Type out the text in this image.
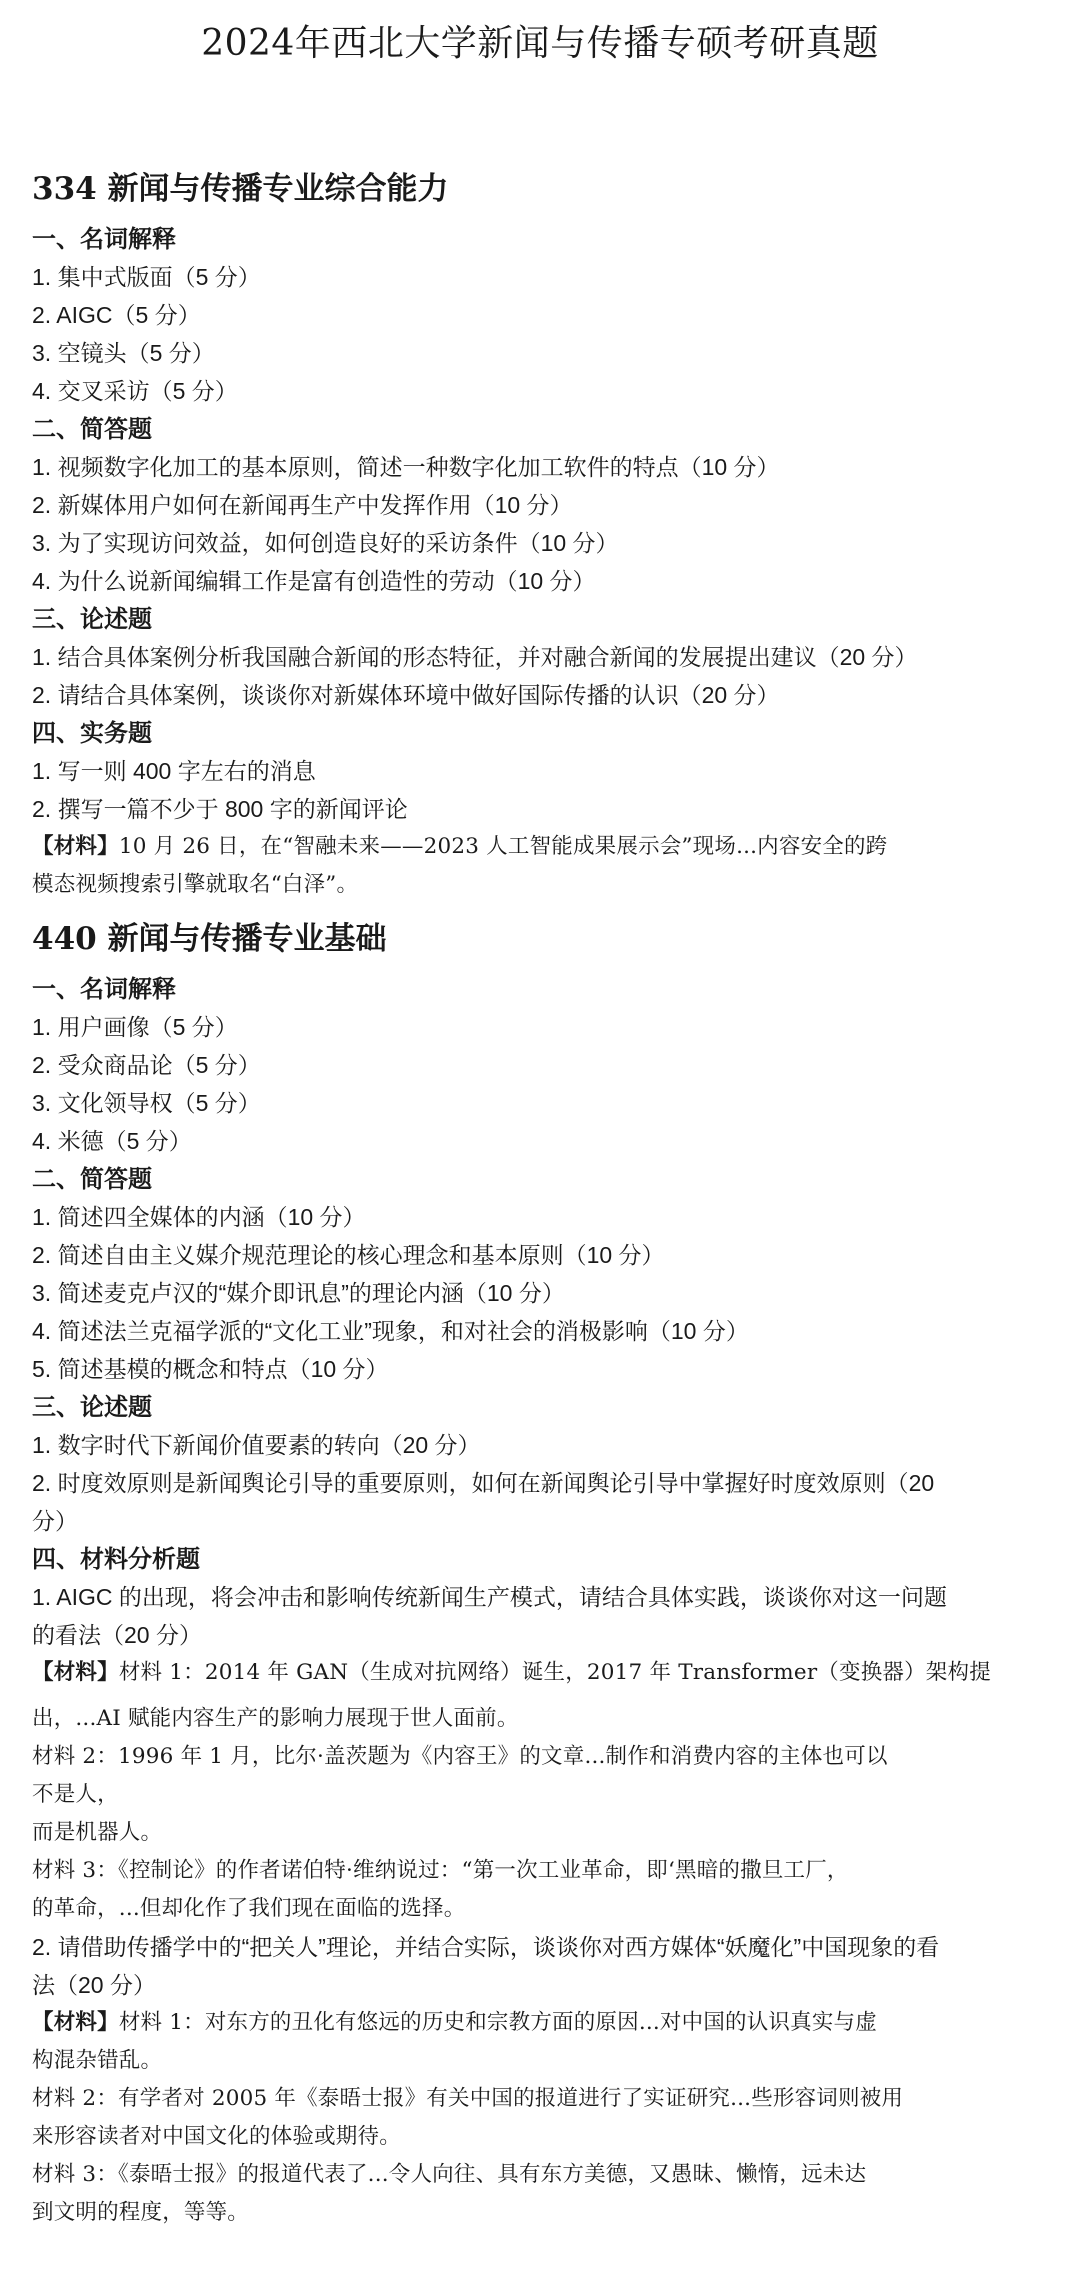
2024年西北大学新闻与传播专硕考研真题
334 新闻与传播专业综合能力
一、名词解释

1. 集中式版面（5 分）

2. AIGC（5 分）

3. 空镜头（5 分）

4. 交叉采访（5 分）

二、简答题

1. 视频数字化加工的基本原则，简述一种数字化加工软件的特点（10 分）

2. 新媒体用户如何在新闻再生产中发挥作用（10 分）

3. 为了实现访问效益，如何创造良好的采访条件（10 分）

4. 为什么说新闻编辑工作是富有创造性的劳动（10 分）

三、论述题

1. 结合具体案例分析我国融合新闻的形态特征，并对融合新闻的发展提出建议（20 分）

2. 请结合具体案例，谈谈你对新媒体环境中做好国际传播的认识（20 分）

四、实务题

1. 写一则 400 字左右的消息

2. 撰写一篇不少于 800 字的新闻评论

【材料】10 月 26 日，在“智融未来——2023 人工智能成果展示会”现场...内容安全的跨

模态视频搜索引擎就取名“白泽”。

440 新闻与传播专业基础
一、名词解释

1. 用户画像（5 分）

2. 受众商品论（5 分）

3. 文化领导权（5 分）

4. 米德（5 分）

二、简答题

1. 简述四全媒体的内涵（10 分）

2. 简述自由主义媒介规范理论的核心理念和基本原则（10 分）

3. 简述麦克卢汉的“媒介即讯息”的理论内涵（10 分）

4. 简述法兰克福学派的“文化工业”现象，和对社会的消极影响（10 分）

5. 简述基模的概念和特点（10 分）

三、论述题

1. 数字时代下新闻价值要素的转向（20 分）

2. 时度效原则是新闻舆论引导的重要原则，如何在新闻舆论引导中掌握好时度效原则（20

分）

四、材料分析题

1. AIGC 的出现，将会冲击和影响传统新闻生产模式，请结合具体实践，谈谈你对这一问题

的看法（20 分）

【材料】材料 1：2014 年 GAN（生成对抗网络）诞生，2017 年 Transformer（变换器）架构提

出，...AI 赋能内容生产的影响力展现于世人面前。

材料 2：1996 年 1 月，比尔·盖茨题为《内容王》的文章...制作和消费内容的主体也可以

不是人，

而是机器人。

材料 3：《控制论》的作者诺伯特·维纳说过：“第一次工业革命，即‘黑暗的撒旦工厂，

的革命，...但却化作了我们现在面临的选择。

2. 请借助传播学中的“把关人”理论，并结合实际，谈谈你对西方媒体“妖魔化”中国现象的看

法（20 分）

【材料】材料 1：对东方的丑化有悠远的历史和宗教方面的原因...对中国的认识真实与虚

构混杂错乱。

材料 2：有学者对 2005 年《泰晤士报》有关中国的报道进行了实证研究...些形容词则被用

来形容读者对中国文化的体验或期待。

材料 3：《泰晤士报》的报道代表了...令人向往、具有东方美德，又愚昧、懒惰，远未达

到文明的程度，等等。
